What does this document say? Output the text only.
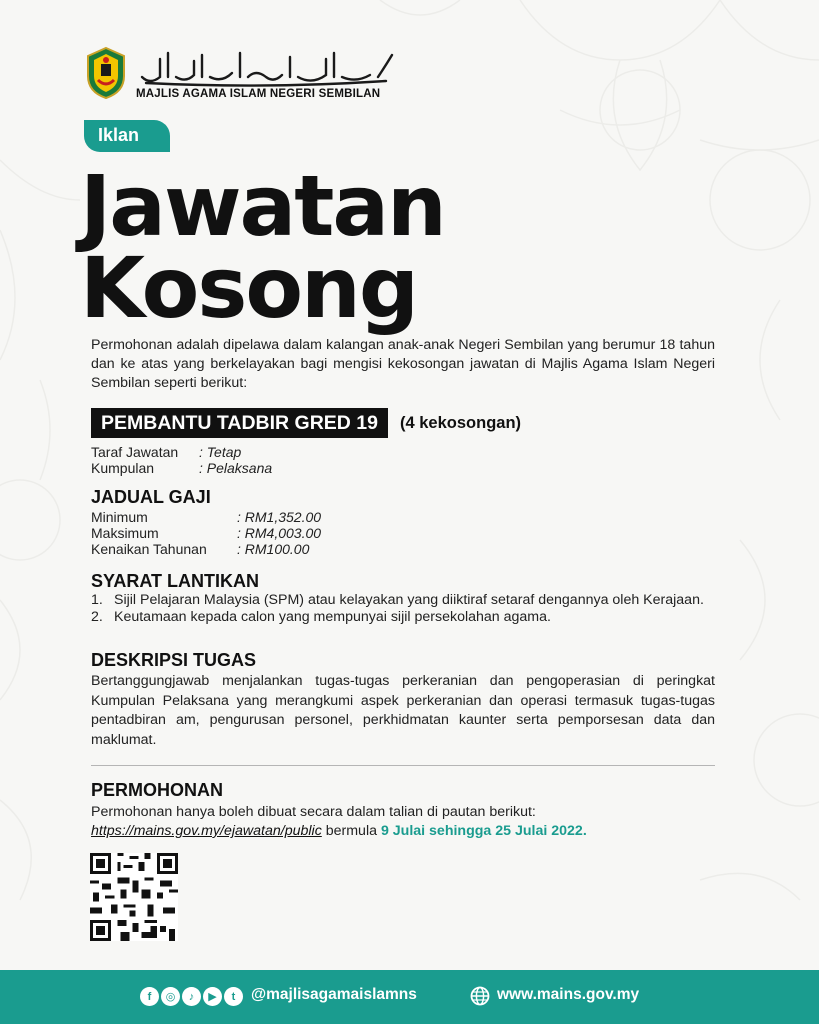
مجليس اݢام اسلام نڬري سمبيلن
MAJLIS AGAMA ISLAM NEGERI SEMBILAN
Iklan
Jawatan
Kosong

Permohonan adalah dipelawa dalam kalangan anak-anak Negeri Sembilan yang berumur 18 tahun dan ke atas yang berkelayakan bagi mengisi kekosongan jawatan di Majlis Agama Islam Negeri Sembilan seperti berikut:

PEMBANTU TADBIR GRED 19	(4 kekosongan)
Taraf Jawatan	: Tetap
Kumpulan	: Pelaksana
JADUAL GAJI
Minimum	: RM1,352.00
Maksimum	: RM4,003.00
Kenaikan Tahunan	: RM100.00
SYARAT LANTIKAN
1. Sijil Pelajaran Malaysia (SPM) atau kelayakan yang diiktiraf setaraf dengannya oleh Kerajaan.
2. Keutamaan kepada calon yang mempunyai sijil persekolahan agama.
DESKRIPSI TUGAS

Bertanggungjawab menjalankan tugas-tugas perkeranian dan pengoperasian di peringkat Kumpulan Pelaksana yang merangkumi aspek perkeranian dan operasi termasuk tugas-tugas pentadbiran am, pengurusan personel, perkhidmatan kaunter serta pemporsesan data dan maklumat.

PERMOHONAN
Permohonan hanya boleh dibuat secara dalam talian di pautan berikut:
https://mains.gov.my/ejawatan/public bermula 9 Julai sehingga 25 Julai 2022.
f	◎	♪	▶	t	@majlisagamaislamns	www.mains.gov.my
